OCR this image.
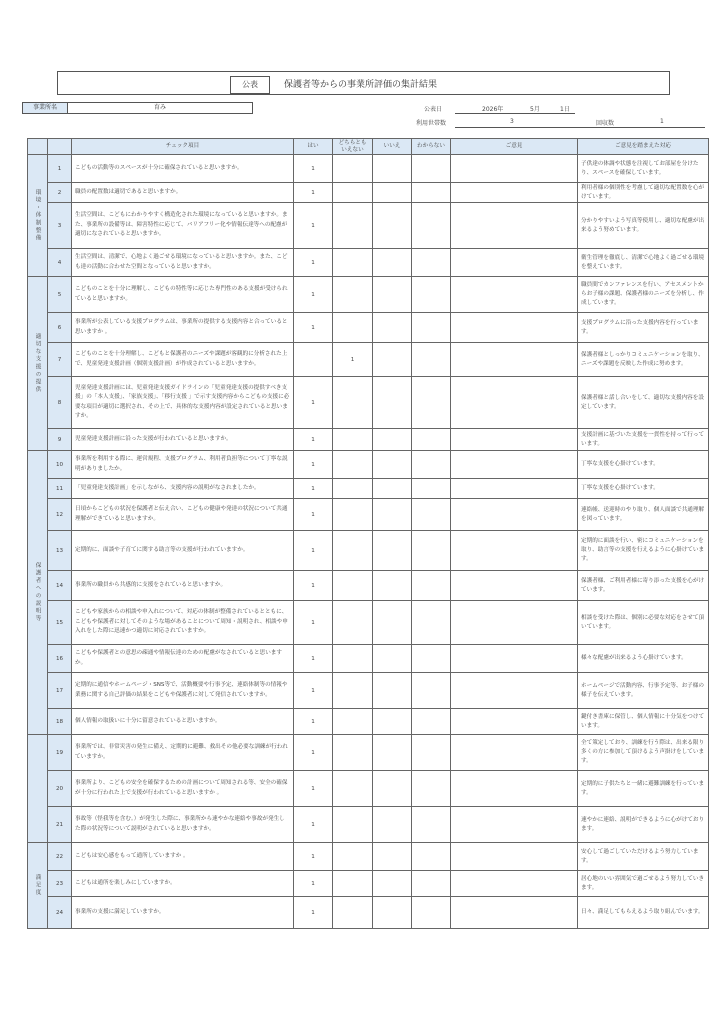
公表	保護者等からの事業所評価の集計結果
事業所名	育み	公表日	2026年	5月	1日
利用世帯数	3	回収数	1
		チェック項目	はい	どちらとも いえない	いいえ	わからない	ご意見	ご意見を踏まえた対応
環境・体制整備	1	こどもの活動等のスペースが十分に確保されていると思いますか。	1					子供達の体調や状態を注視してお部屋を分けたり、スペースを確保しています。
	2	職員の配置数は適切であると思いますか。	1					利用者様の個別性を考慮して適切な配置数を心がけています。
	3	生活空間は、こどもにわかりやすく構造化された環境になっていると思いますか。また、事業所の設備等は、障害特性に応じて、バリアフリー化や情報伝達等への配慮が適切になされていると思いますか。	1					分かりやすいよう写真等使用し、適切な配慮が出来るよう努めています。
	4	生活空間は、清潔で、心地よく過ごせる環境になっていると思いますか。また、こども達の活動に合わせた空間となっていると思いますか。	1					衛生管理を徹底し、清潔で心地よく過ごせる環境を整えています。
適切な支援の提供	5	こどものことを十分に理解し、こどもの特性等に応じた専門性のある支援が受けられていると思いますか。	1					職員間でカンファレンスを行い、アセスメントからお子様の課題、保護者様のニーズを分析し、作成しています。
	6	事業所が公表している支援プログラムは、事業所の提供する支援内容と合っていると思いますか 。	1					支援プログラムに沿った支援内容を行っています。
	7	こどものことを十分理解し、こどもと保護者のニーズや課題が客観的に分析された上で、児童発達支援計画（個別支援計画）が作成されていると思いますか。		1				保護者様としっかりコミュニケーションを取り、ニーズや課題を反映した作成に努めます。
	8	児童発達支援計画には、児童発達支援ガイドラインの「児童発達支援の提供すべき支援」の「本人支援」、「家族支援」、「移行支援 」で示す支援内容からこどもの支援に必要な項目が適切に選択され、その上で、具体的な支援内容が設定されていると思いますか。	1					保護者様と話し合いをして、適切な支援内容を設定しています。
	9	児童発達支援計画に沿った支援が行われていると思いますか。	1					支援計画に基づいた支援を一貫性を持って行っています。
保護者への説明等	10	事業所を利用する際に、運営規程、支援プログラム、利用者負担等について丁寧な説明がありましたか。	1					丁寧な支援を心掛けています。
	11	「児童発達支援計画」を示しながら、支援内容の説明がなされましたか。	1					丁寧な支援を心掛けています。
	12	日頃からこどもの状況を保護者と伝え合い、こどもの健康や発達の状況について共通理解ができていると思いますか。	1					連絡帳、送迎時のやり取り、個人面談で共通理解を図っています。
	13	定期的に、面談や子育てに関する助言等の支援が行われていますか。	1					定期的に面談を行い、密にコミュニケーションを取り、助言等の支援を行えるように心掛けています。
	14	事業所の職員から共感的に支援をされていると思いますか。	1					保護者様、ご利用者様に寄り添った支援を心がけています。
	15	こどもや家族からの相談や申入れについて、対応の体制が整備されているとともに、こどもや保護者に対してそのような場があることについて周知・説明され、相談や申入れをした際に迅速かつ適切に対応されていますか。	1					相談を受けた際は、個別に必要な対応をさせて頂いています。
	16	こどもや保護者との意思の疎通や情報伝達のための配慮がなされていると思いますか。	1					様々な配慮が出来るよう心掛けています。
	17	定期的に通信やホームページ・SNS等で、活動概要や行事予定、連絡体制等の情報や業務に関する自己評価の結果をこどもや保護者に対して発信されていますか。	1					ホームページで活動内容、行事予定等、お子様の様子を伝えています。
	18	個人情報の取扱いに十分に留意されていると思いますか。	1					鍵付き書庫に保管し、個人情報に十分気をつけています。
	19	事業所では、非常災害の発生に備え、定期的に避難、救出その他必要な訓練が行われていますか。	1					全て策定しており、訓練を行う際は、出来る限り多くの方に参加して頂けるよう声掛けをしています。
	20	事業所より、こどもの安全を確保するための計画について周知される等、安全の確保が十分に行われた上で支援が行われていると思いますか 。	1					定期的に子供たちと一緒に避難訓練を行っています。
	21	事故等（怪我等を含む。）が発生した際に、事業所から速やかな連絡や事故が発生した際の状況等について説明がされていると思いますか。	1					速やかに連絡、説明ができるように心がけております。
満足度	22	こどもは安心感をもって通所していますか 。	1					安心して過ごしていただけるよう努力しています。
	23	こどもは通所を楽しみにしていますか。	1					居心地のいい雰囲気で過ごせるよう努力していきます。
	24	事業所の支援に満足していますか。	1					日々、満足してもらえるよう取り組んでいます。
